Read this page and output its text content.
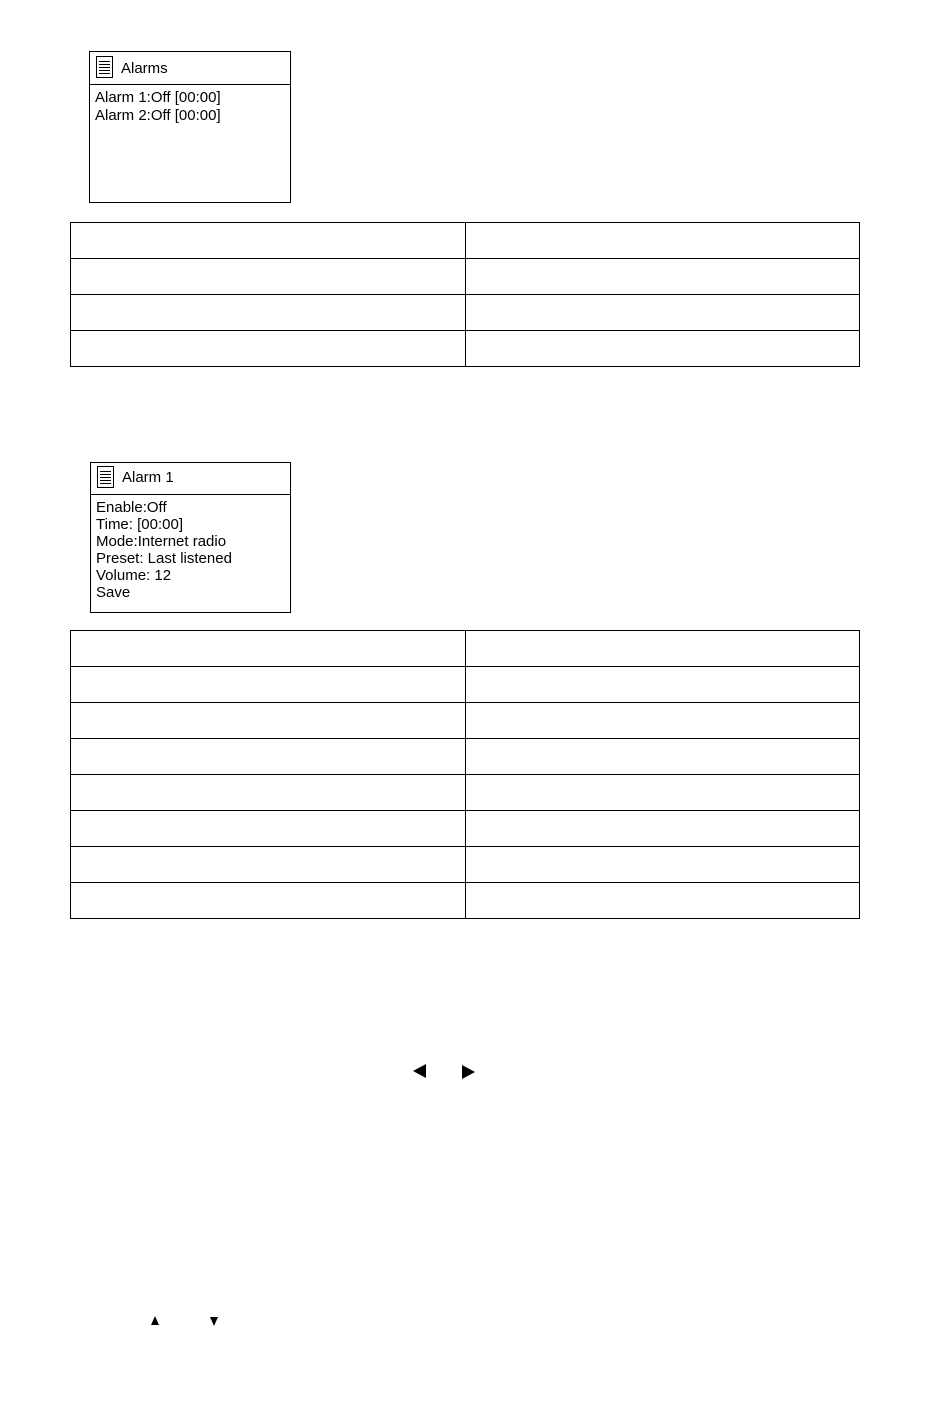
Alarms
Alarm 1:Off [00:00]
Alarm 2:Off [00:00]

Alarm 1
Enable:Off
Time: [00:00]
Mode:Internet radio
Preset: Last listened
Volume: 12
Save
